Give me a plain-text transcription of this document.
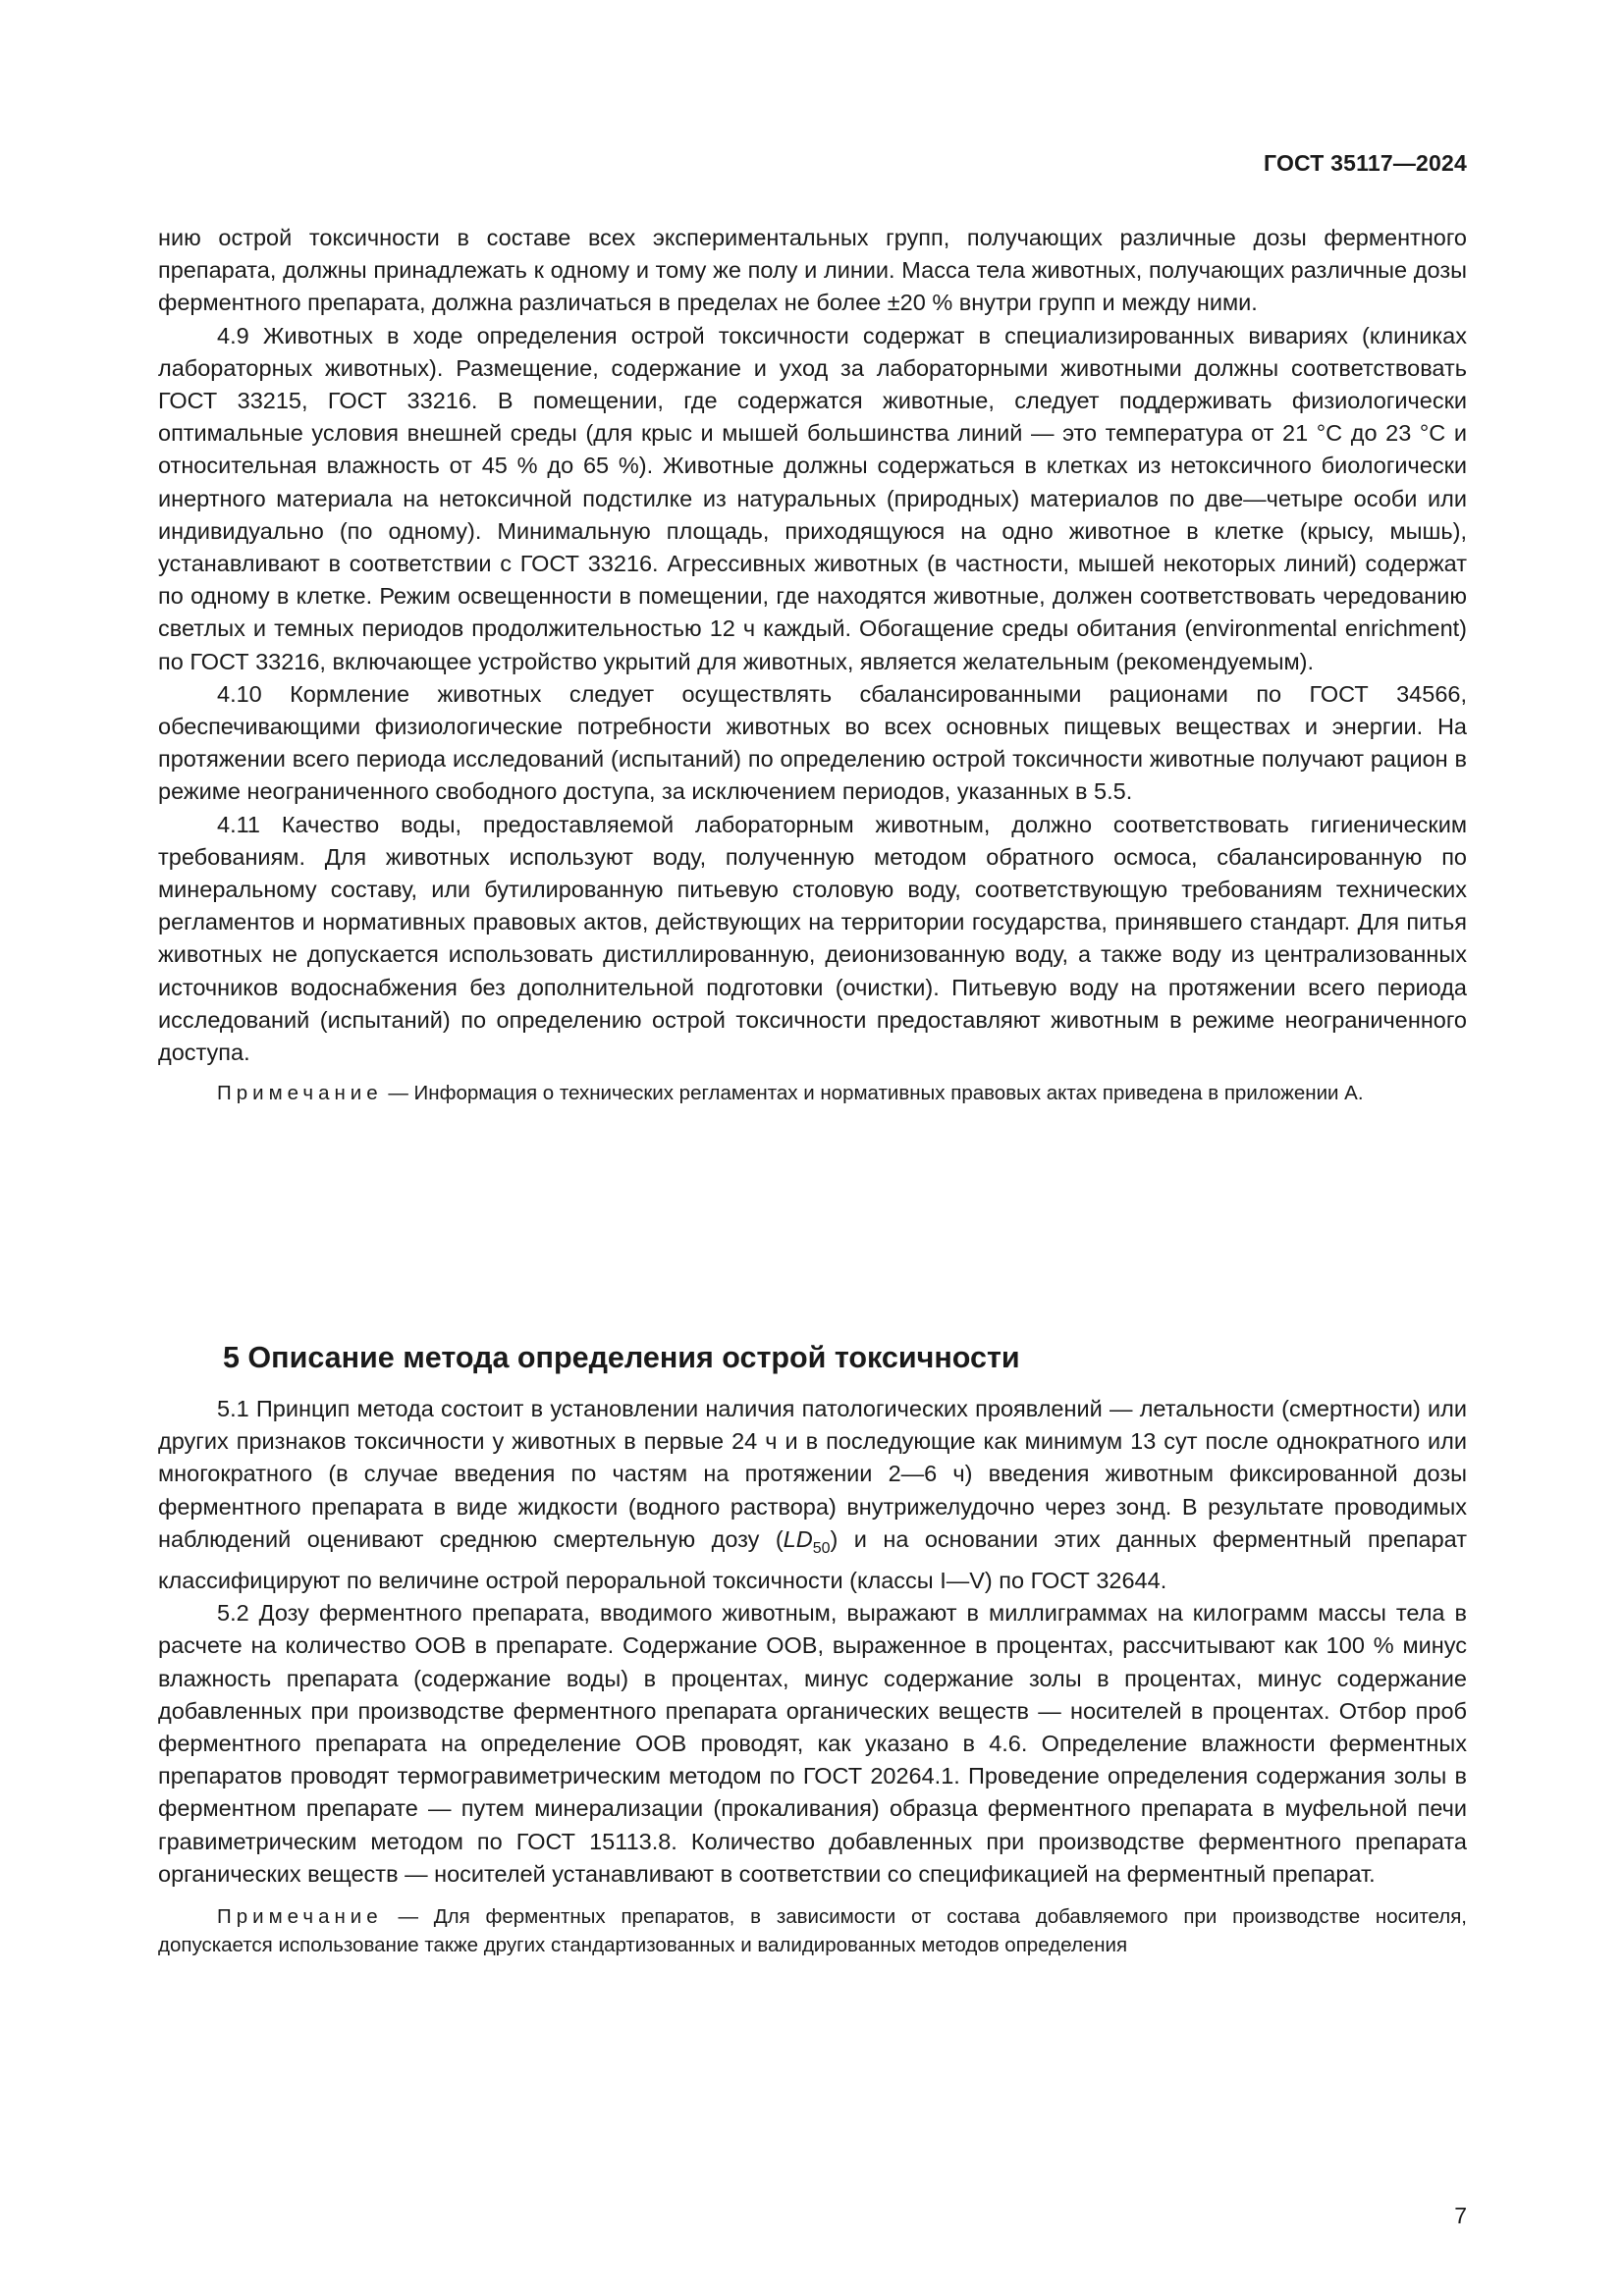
ГОСТ 35117—2024

нию острой токсичности в составе всех экспериментальных групп, получающих различные дозы ферментного препарата, должны принадлежать к одному и тому же полу и линии. Масса тела животных, получающих различные дозы ферментного препарата, должна различаться в пределах не более ±20 % внутри групп и между ними.

4.9 Животных в ходе определения острой токсичности содержат в специализированных вивариях (клиниках лабораторных животных). Размещение, содержание и уход за лабораторными животными должны соответствовать ГОСТ 33215, ГОСТ 33216. В помещении, где содержатся животные, следует поддерживать физиологически оптимальные условия внешней среды (для крыс и мышей большинства линий — это температура от 21 °С до 23 °С и относительная влажность от 45 % до 65 %). Животные должны содержаться в клетках из нетоксичного биологически инертного материала на нетоксичной подстилке из натуральных (природных) материалов по две—четыре особи или индивидуально (по одному). Минимальную площадь, приходящуюся на одно животное в клетке (крысу, мышь), устанавливают в соответствии с ГОСТ 33216. Агрессивных животных (в частности, мышей некоторых линий) содержат по одному в клетке. Режим освещенности в помещении, где находятся животные, должен соответствовать чередованию светлых и темных периодов продолжительностью 12 ч каждый. Обогащение среды обитания (environmental enrichment) по ГОСТ 33216, включающее устройство укрытий для животных, является желательным (рекомендуемым).

4.10 Кормление животных следует осуществлять сбалансированными рационами по ГОСТ 34566, обеспечивающими физиологические потребности животных во всех основных пищевых веществах и энергии. На протяжении всего периода исследований (испытаний) по определению острой токсичности животные получают рацион в режиме неограниченного свободного доступа, за исключением периодов, указанных в 5.5.

4.11 Качество воды, предоставляемой лабораторным животным, должно соответствовать гигиеническим требованиям. Для животных используют воду, полученную методом обратного осмоса, сбалансированную по минеральному составу, или бутилированную питьевую столовую воду, соответствующую требованиям технических регламентов и нормативных правовых актов, действующих на территории государства, принявшего стандарт. Для питья животных не допускается использовать дистиллированную, деионизованную воду, а также воду из централизованных источников водоснабжения без дополнительной подготовки (очистки). Питьевую воду на протяжении всего периода исследований (испытаний) по определению острой токсичности предоставляют животным в режиме неограниченного доступа.

Примечание — Информация о технических регламентах и нормативных правовых актах приведена в приложении А.

5 Описание метода определения острой токсичности

5.1 Принцип метода состоит в установлении наличия патологических проявлений — летальности (смертности) или других признаков токсичности у животных в первые 24 ч и в последующие как минимум 13 сут после однократного или многократного (в случае введения по частям на протяжении 2—6 ч) введения животным фиксированной дозы ферментного препарата в виде жидкости (водного раствора) внутрижелудочно через зонд. В результате проводимых наблюдений оценивают среднюю смертельную дозу $(LD_{50})$ и на основании этих данных ферментный препарат классифицируют по величине острой пероральной токсичности (классы I—V) по ГОСТ 32644.

5.2 Дозу ферментного препарата, вводимого животным, выражают в миллиграммах на килограмм массы тела в расчете на количество ООВ в препарате. Содержание ООВ, выраженное в процентах, рассчитывают как 100 % минус влажность препарата (содержание воды) в процентах, минус содержание золы в процентах, минус содержание добавленных при производстве ферментного препарата органических веществ — носителей в процентах. Отбор проб ферментного препарата на определение ООВ проводят, как указано в 4.6. Определение влажности ферментных препаратов проводят термогравиметрическим методом по ГОСТ 20264.1. Проведение определения содержания золы в ферментном препарате — путем минерализации (прокаливания) образца ферментного препарата в муфельной печи гравиметрическим методом по ГОСТ 15113.8. Количество добавленных при производстве ферментного препарата органических веществ — носителей устанавливают в соответствии со спецификацией на ферментный препарат.

Примечание — Для ферментных препаратов, в зависимости от состава добавляемого при производстве носителя, допускается использование также других стандартизованных и валидированных методов определения

7
